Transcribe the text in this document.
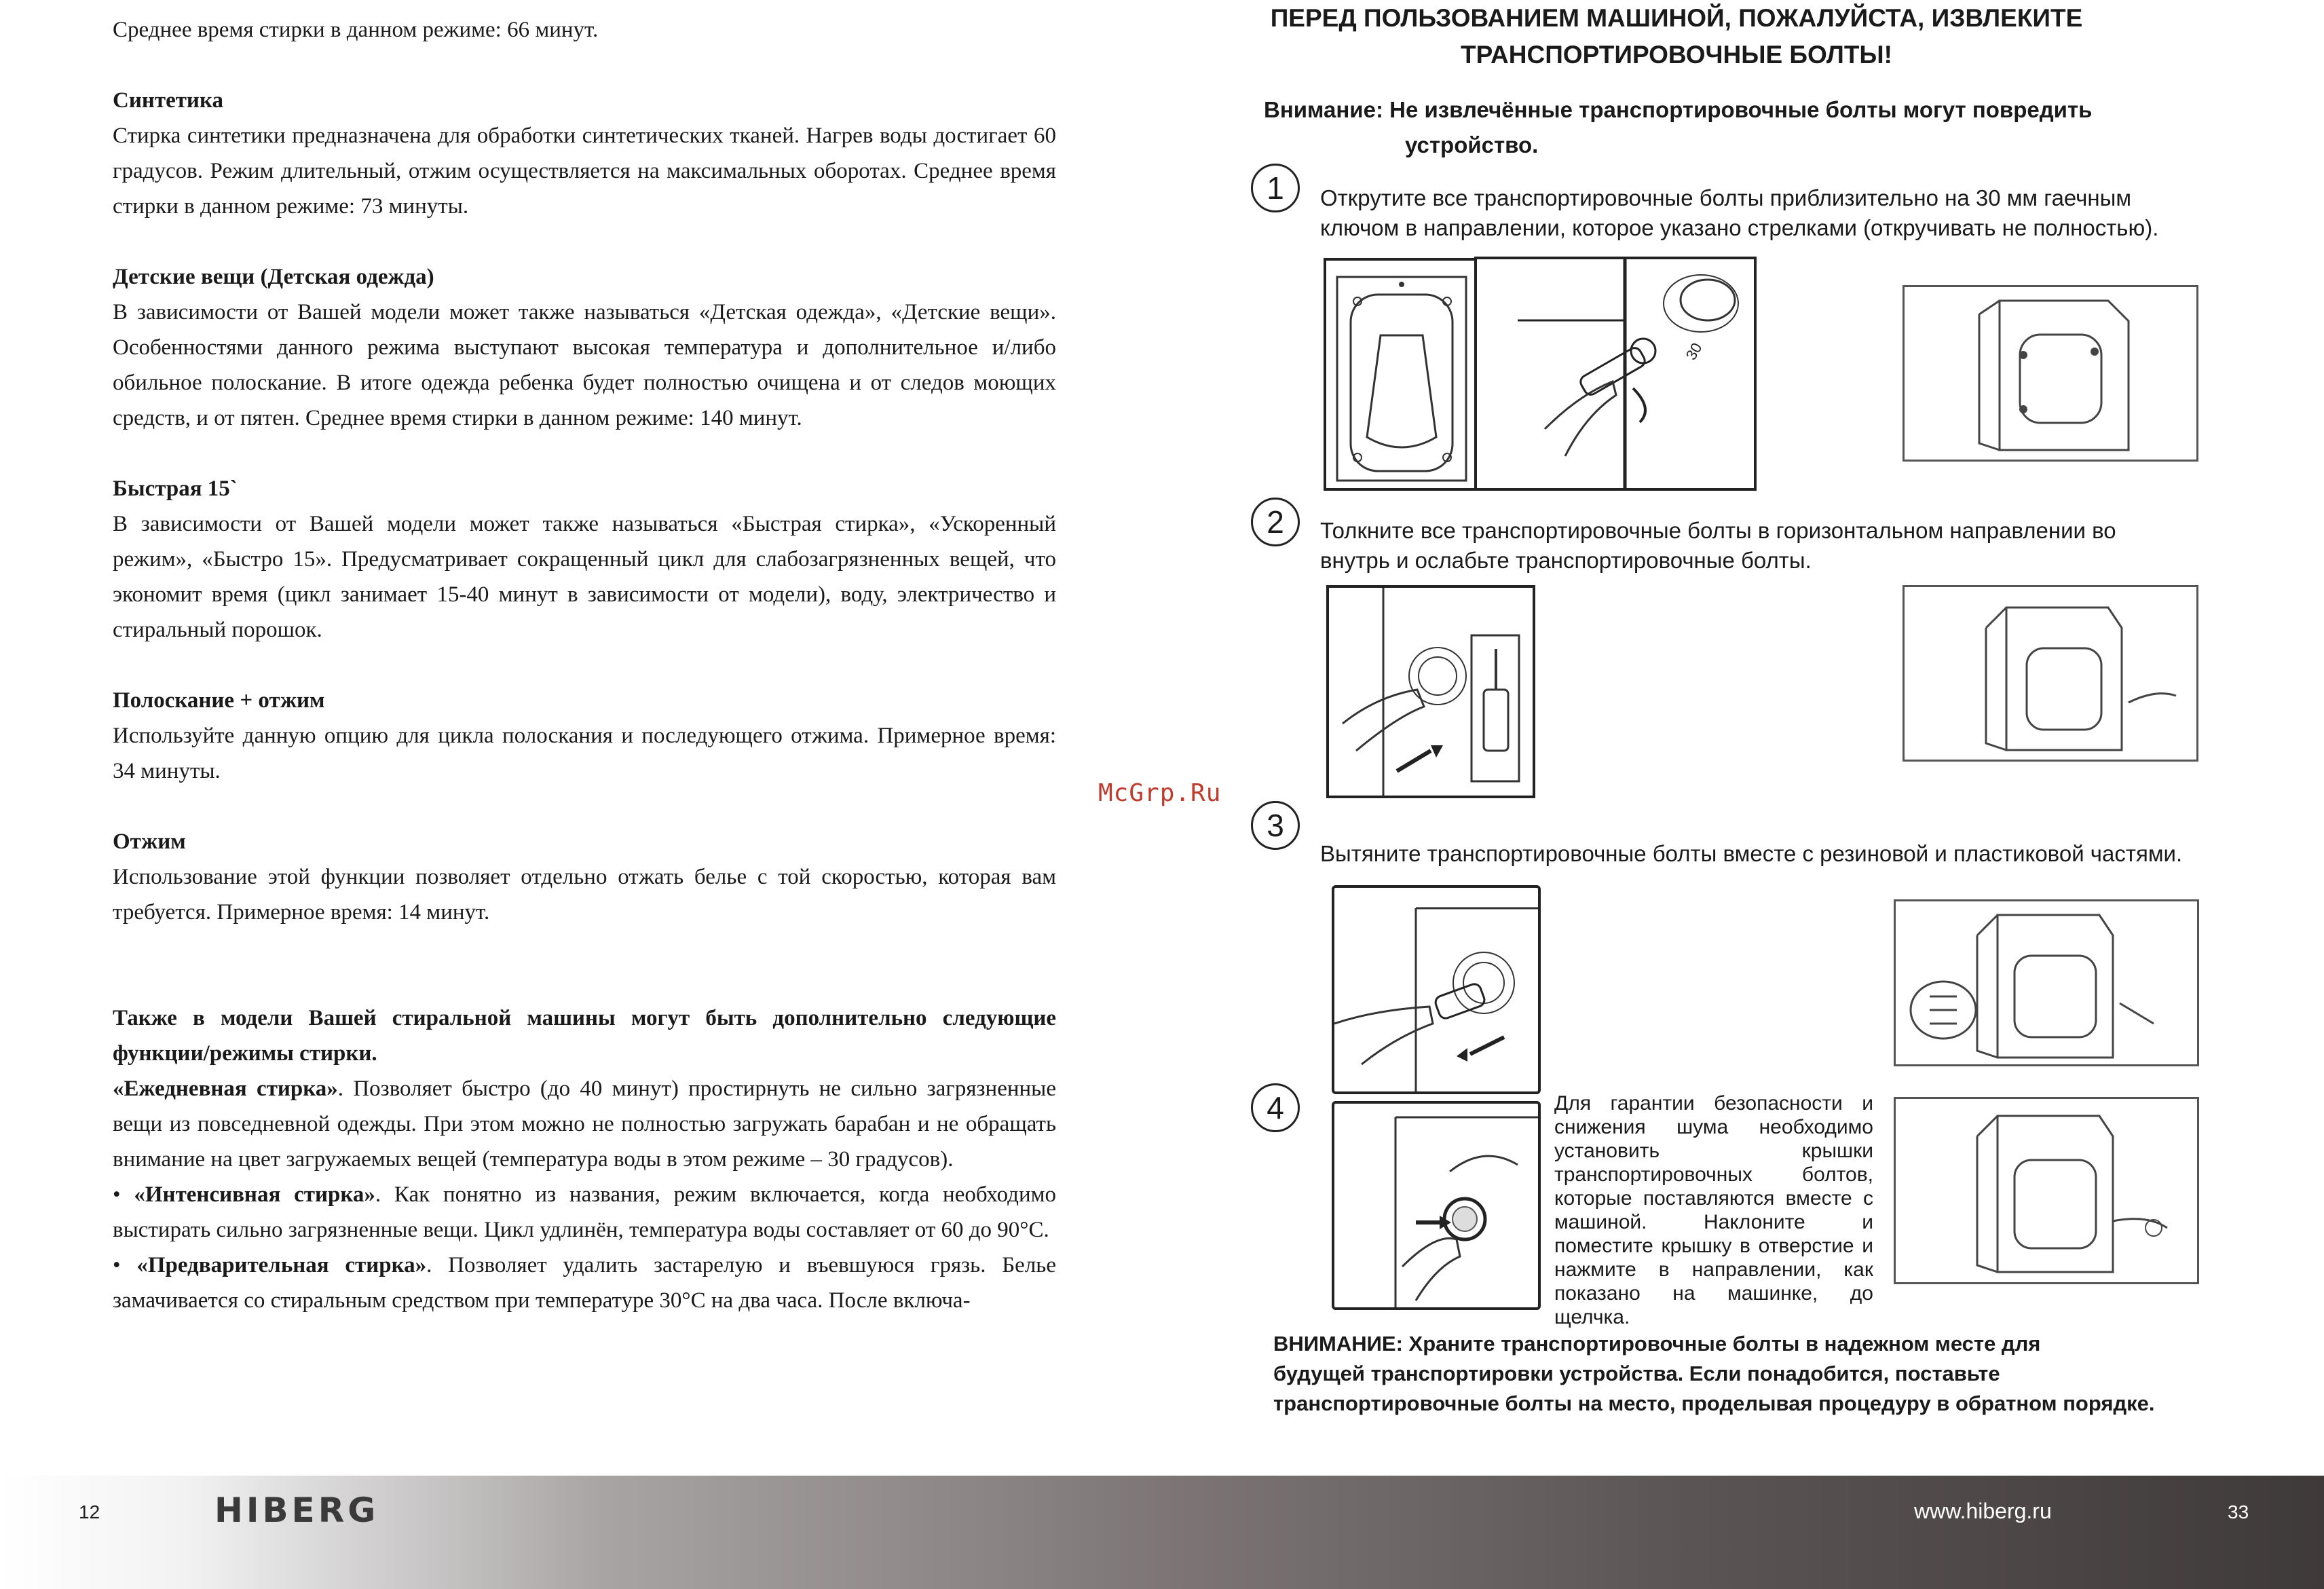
Среднее время стирки в данном режиме: 66 минут.

Синтетика

Стирка синтетики предназначена для обработки синтетических тканей. Нагрев воды достигает 60 градусов. Режим длительный, отжим осуществляется на максимальных оборотах. Среднее время стирки в данном режиме: 73 минуты.

Детские вещи (Детская одежда)

В зависимости от Вашей модели может также называться «Детская одежда», «Детские вещи». Особенностями данного режима выступают высокая температура и дополнительное и/либо обильное полоскание. В итоге одежда ребенка будет полностью очищена и от следов моющих средств, и от пятен. Среднее время стирки в данном режиме: 140 минут.

Быстрая 15`

В зависимости от Вашей модели может также называться «Быстрая стирка», «Ускоренный режим», «Быстро 15». Предусматривает сокращенный цикл для слабозагрязненных вещей, что экономит время (цикл занимает 15-40 минут в зависимости от модели), воду, электричество и стиральный порошок.

Полоскание + отжим

Используйте данную опцию для цикла полоскания и последующего отжима. Примерное время: 34 минуты.

Отжим

Использование этой функции позволяет отдельно отжать белье с той скоростью, которая вам требуется. Примерное время: 14 минут.

Также в модели Вашей стиральной машины могут быть дополнительно следующие функции/режимы стирки.

«Ежедневная стирка». Позволяет быстро (до 40 минут) простирнуть не сильно загрязненные вещи из повседневной одежды. При этом можно не полностью загружать барабан и не обращать внимание на цвет загружаемых вещей (температура воды в этом режиме – 30 градусов).

• «Интенсивная стирка». Как понятно из названия, режим включается, когда необходимо выстирать сильно загрязненные вещи. Цикл удлинён, температура воды составляет от 60 до 90°С.

• «Предварительная стирка». Позволяет удалить застарелую и въевшуюся грязь. Белье замачивается со стиральным средством при температуре 30°С на два часа. После включа-

ПЕРЕД ПОЛЬЗОВАНИЕМ МАШИНОЙ, ПОЖАЛУЙСТА, ИЗВЛЕКИТЕ
ТРАНСПОРТИРОВОЧНЫЕ БОЛТЫ!
Внимание: Не извлечённые транспортировочные болты могут повредить
устройство.
1	Открутите все транспортировочные болты приблизительно на 30 мм гаечным
ключом в направлении, которое указано стрелками (откручивать не полностью).
30
2	Толкните все транспортировочные болты в горизонтальном направлении во
внутрь и ослабьте транспортировочные болты.
McGrp.Ru
3
Вытяните транспортировочные болты вместе с резиновой и пластиковой частями.
4	Для гарантии безопасности и снижения шума необходимо установить крышки транспортировочных болтов, которые поставляются вместе с машиной. Наклоните и поместите крышку в отверстие и нажмите в направлении, как показано на машинке, до щелчка.
ВНИМАНИЕ: Храните транспортировочные болты в надежном месте для
будущей транспортировки устройства. Если понадобится, поставьте
транспортировочные болты на место, проделывая процедуру в обратном порядке.
12	HIBERG	www.hiberg.ru	33
